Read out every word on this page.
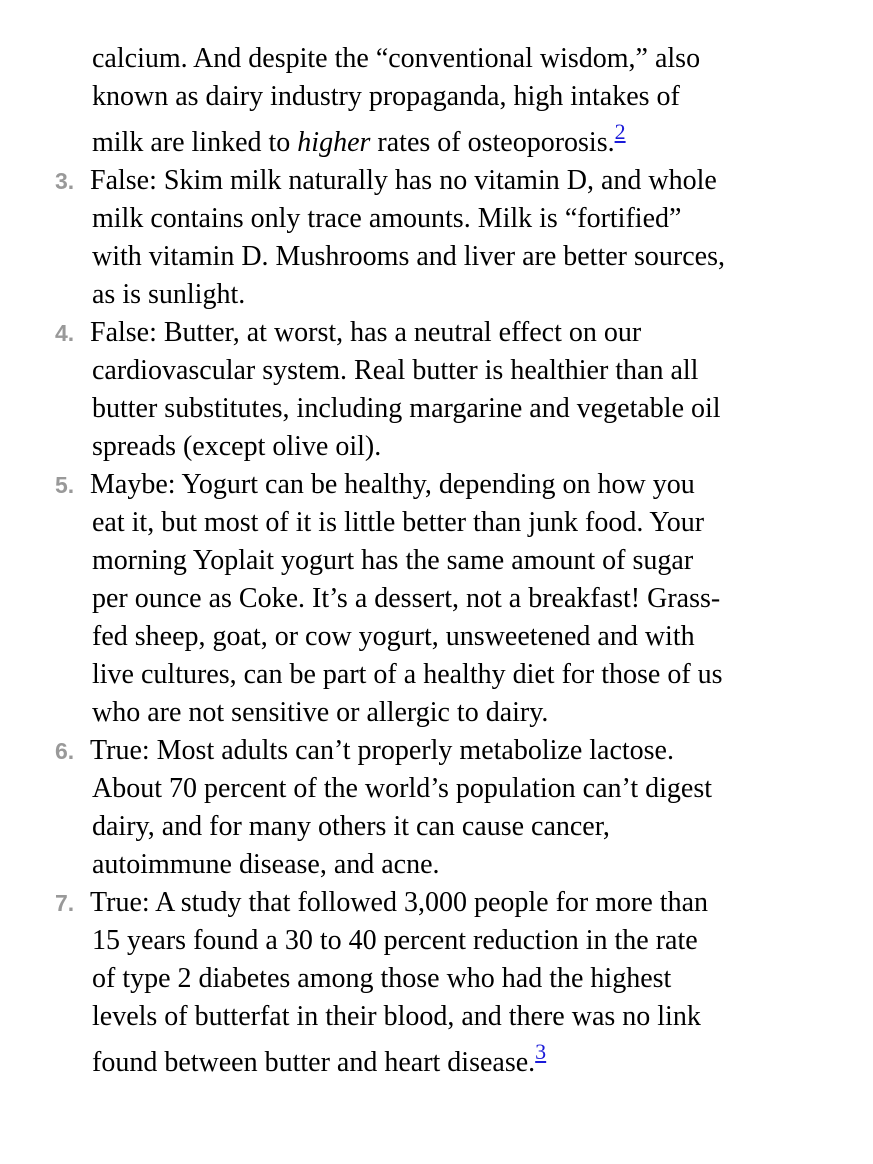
calcium. And despite the “conventional wisdom,” also
known as dairy industry propaganda, high intakes of
milk are linked to higher rates of osteoporosis.$^2$
3. False: Skim milk naturally has no vitamin D, and whole
milk contains only trace amounts. Milk is “fortified”
with vitamin D. Mushrooms and liver are better sources,
as is sunlight.
4. False: Butter, at worst, has a neutral effect on our
cardiovascular system. Real butter is healthier than all
butter substitutes, including margarine and vegetable oil
spreads (except olive oil).
5. Maybe: Yogurt can be healthy, depending on how you
eat it, but most of it is little better than junk food. Your
morning Yoplait yogurt has the same amount of sugar
per ounce as Coke. It’s a dessert, not a breakfast! Grass-
fed sheep, goat, or cow yogurt, unsweetened and with
live cultures, can be part of a healthy diet for those of us
who are not sensitive or allergic to dairy.
6. True: Most adults can’t properly metabolize lactose.
About 70 percent of the world’s population can’t digest
dairy, and for many others it can cause cancer,
autoimmune disease, and acne.
7. True: A study that followed 3,000 people for more than
15 years found a 30 to 40 percent reduction in the rate
of type 2 diabetes among those who had the highest
levels of butterfat in their blood, and there was no link
found between butter and heart disease.$^3$
